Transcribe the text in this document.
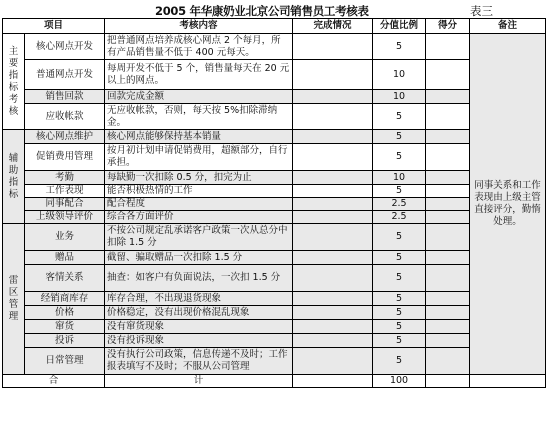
2005 年华康奶业北京公司销售员工考核表	表三
项目		考核内容	完成情况	分值比例	得分	备注
主要指标考核	核心网点开发	把普通网点培养成核心网点 2 个每月，所有产品销售量不低于 400 元每天。		5		同事关系和工作表现由上级主管直接评分，勤惰处理。
	普通网点开发	每周开发不低于 5 个，销售量每天在 20 元以上的网点。		10		
	销售回款	回款完成金额		10		
	应收帐款	无应收帐款，否则，每天按 5%扣除滞纳金。		5		
辅助指标	核心网点维护	核心网点能够保持基本销量		5		
	促销费用管理	按月初计划申请促销费用，超额部分，自行承担。		5		
	考勤	每缺勤一次扣除 0.5 分，扣完为止		10		
	工作表现	能否积极热情的工作		5		
	同事配合	配合程度		2.5		
	上级领导评价	综合各方面评价		2.5		
雷区管理	业务	不按公司规定乱承诺客户政策一次从总分中扣除 1.5 分		5		
	赠品	截留、骗取赠品一次扣除 1.5 分		5		
	客情关系	抽查：如客户有负面说法，一次扣 1.5 分		5		
	经销商库存	库存合理，不出现退货现象		5		
	价格	价格稳定，没有出现价格混乱现象		5		
	窜货	没有窜货现象		5		
	投诉	没有投诉现象		5		
	日常管理	没有执行公司政策，信息传递不及时；工作报表填写不及时；不服从公司管理		5		
合		计		100		
